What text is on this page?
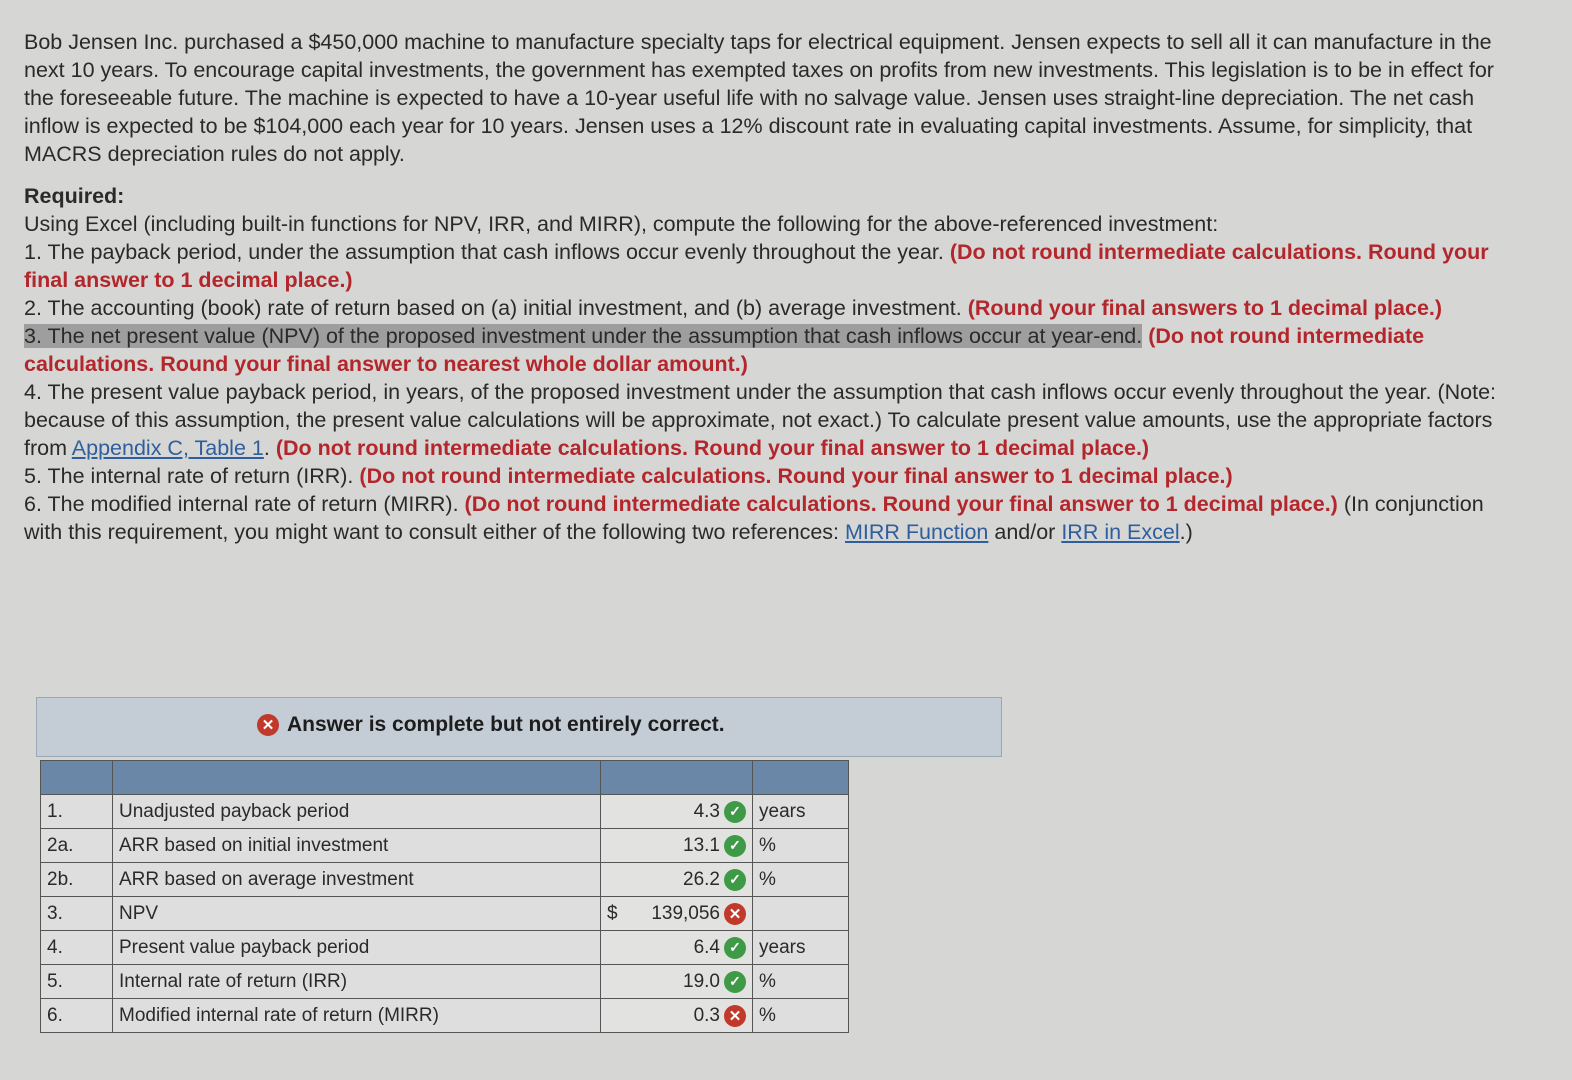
Bob Jensen Inc. purchased a $450,000 machine to manufacture specialty taps for electrical equipment. Jensen expects to sell all it can manufacture in the next 10 years. To encourage capital investments, the government has exempted taxes on profits from new investments. This legislation is to be in effect for the foreseeable future. The machine is expected to have a 10-year useful life with no salvage value. Jensen uses straight-line depreciation. The net cash inflow is expected to be $104,000 each year for 10 years. Jensen uses a 12% discount rate in evaluating capital investments. Assume, for simplicity, that MACRS depreciation rules do not apply.

Required:

Using Excel (including built-in functions for NPV, IRR, and MIRR), compute the following for the above-referenced investment:

1. The payback period, under the assumption that cash inflows occur evenly throughout the year. (Do not round intermediate calculations. Round your final answer to 1 decimal place.)

2. The accounting (book) rate of return based on (a) initial investment, and (b) average investment. (Round your final answers to 1 decimal place.)

3. The net present value (NPV) of the proposed investment under the assumption that cash inflows occur at year-end. (Do not round intermediate calculations. Round your final answer to nearest whole dollar amount.)

4. The present value payback period, in years, of the proposed investment under the assumption that cash inflows occur evenly throughout the year. (Note: because of this assumption, the present value calculations will be approximate, not exact.) To calculate present value amounts, use the appropriate factors from Appendix C, Table 1. (Do not round intermediate calculations. Round your final answer to 1 decimal place.)

5. The internal rate of return (IRR). (Do not round intermediate calculations. Round your final answer to 1 decimal place.)

6. The modified internal rate of return (MIRR). (Do not round intermediate calculations. Round your final answer to 1 decimal place.) (In conjunction with this requirement, you might want to consult either of the following two references: MIRR Function and/or IRR in Excel.)

✕ Answer is complete but not entirely correct.

1.	Unadjusted payback period	4.3 ✓	years
2a.	ARR based on initial investment	13.1 ✓	%
2b.	ARR based on average investment	26.2 ✓	%
3.	NPV	$ 139,056 ✕	

4.	Present value payback period	6.4 ✓	years
5.	Internal rate of return (IRR)	19.0 ✓	%
6.	Modified internal rate of return (MIRR)	0.3 ✕	%
